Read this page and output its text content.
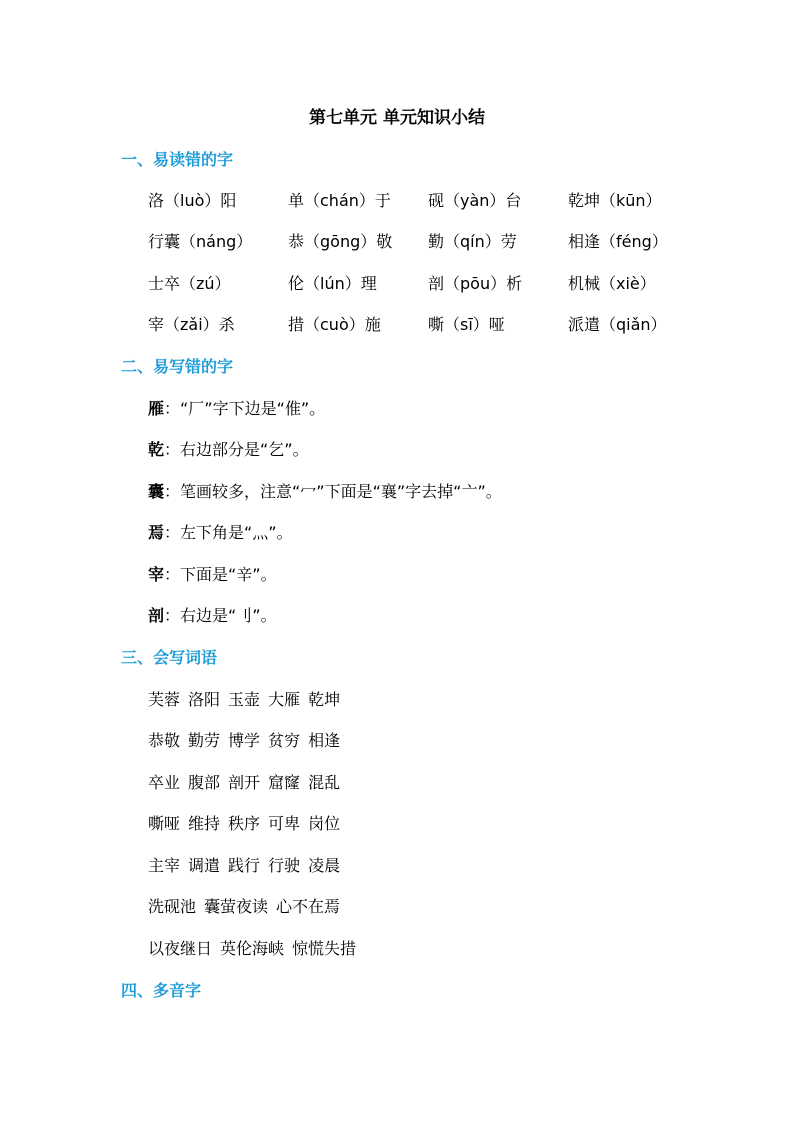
第七单元 单元知识小结
一、易读错的字
洛（luò）阳	单（chán）于	砚（yàn）台	乾坤（kūn）
行囊（náng）	恭（gōng）敬	勤（qín）劳	相逢（féng）
士卒（zú）	伦（lún）理	剖（pōu）析	机械（xiè）
宰（zǎi）杀	措（cuò）施	嘶（sī）哑	派遣（qiǎn）
二、易写错的字
雁 ：“厂”字下边是“倠”。
乾 ：右边部分是“乞”。
囊 ：笔画较多，注意“冖”下面是“襄”字去掉“亠”。
焉 ：左下角是“灬”。
宰 ：下面是“辛”。
剖 ：右边是“刂”。
三、会写词语
芙蓉 洛阳 玉壶 大雁 乾坤
恭敬 勤劳 博学 贫穷 相逢
卒业 腹部 剖开 窟窿 混乱
嘶哑 维持 秩序 可卑 岗位
主宰 调遣 践行 行驶 凌晨
洗砚池 囊萤夜读 心不在焉
以夜继日 英伦海峡 惊慌失措
四、多音字
